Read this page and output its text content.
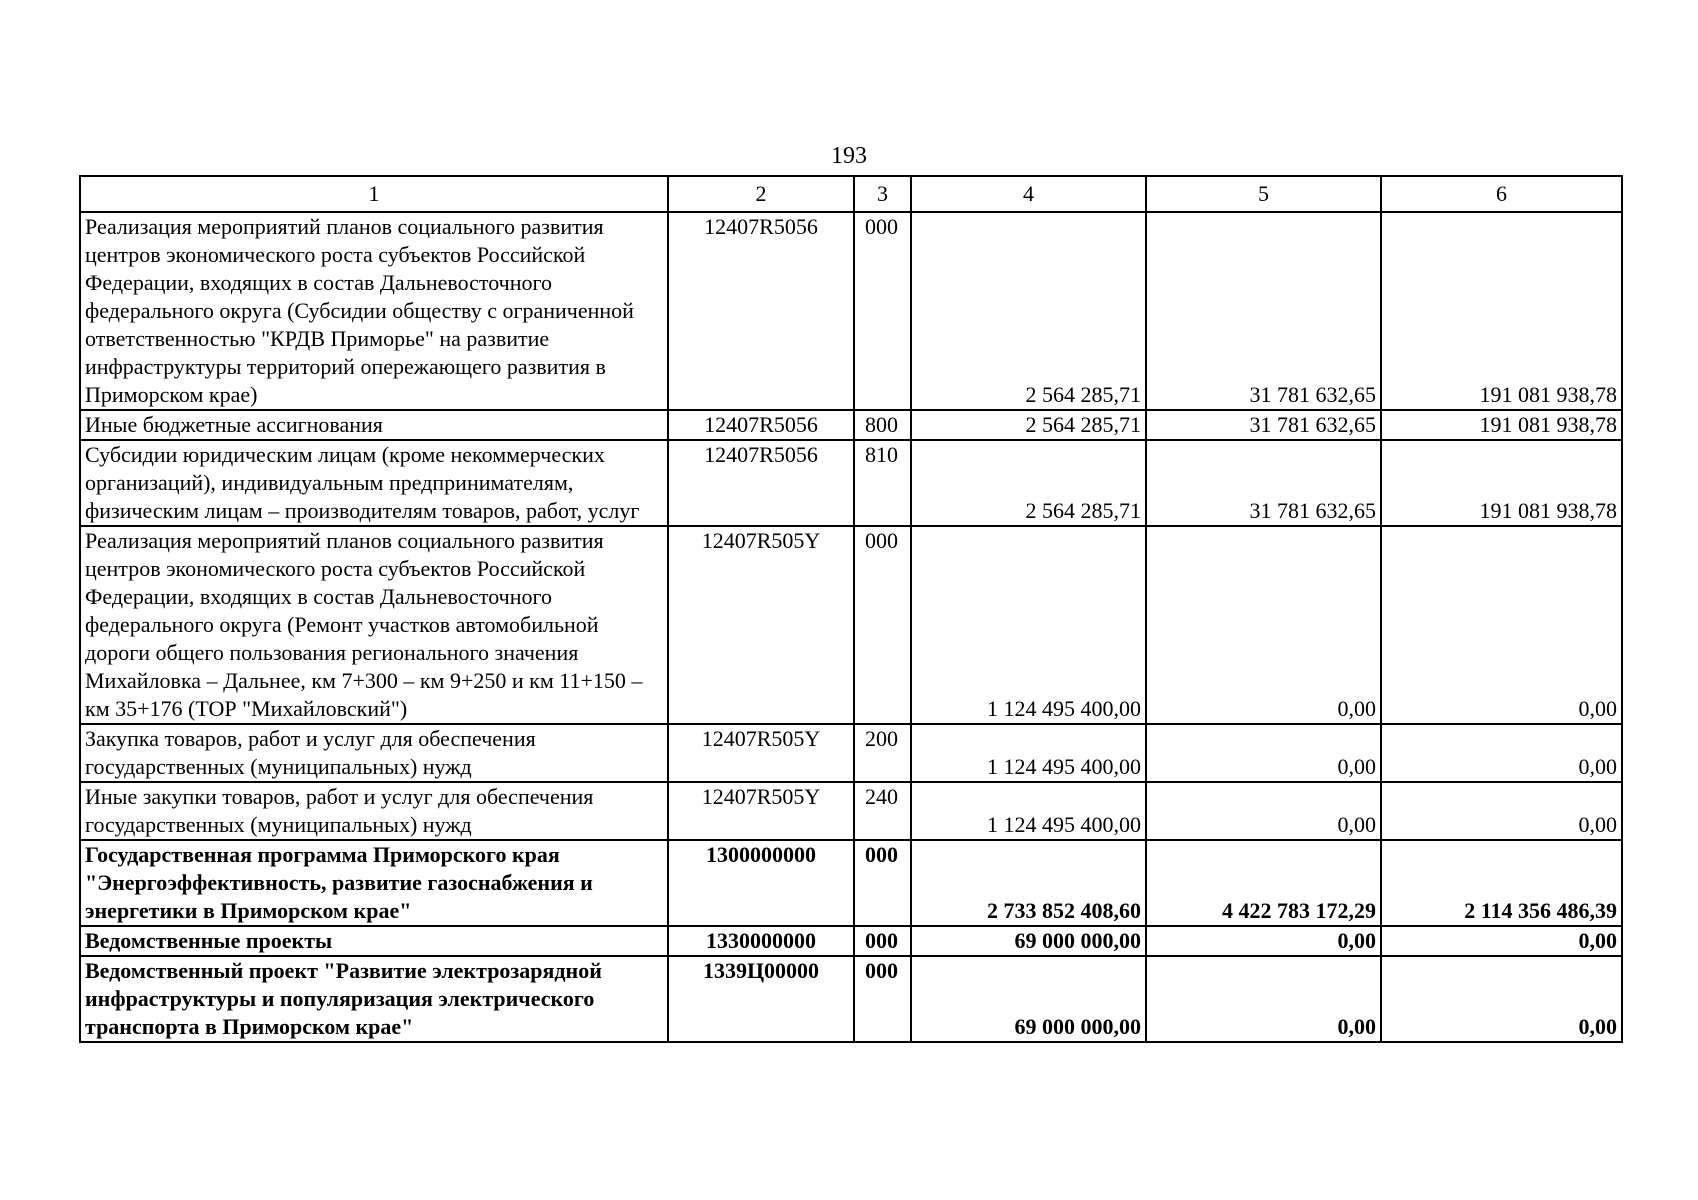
193
1	2	3	4	5	6
Реализация мероприятий планов социального развития центров экономического роста субъектов Российской Федерации, входящих в состав Дальневосточного федерального округа (Субсидии обществу с ограниченной ответственностью "КРДВ Приморье" на развитие инфраструктуры территорий опережающего развития в Приморском крае)	12407R5056	000	2 564 285,71	31 781 632,65	191 081 938,78
Иные бюджетные ассигнования	12407R5056	800	2 564 285,71	31 781 632,65	191 081 938,78
Субсидии юридическим лицам (кроме некоммерческих организаций), индивидуальным предпринимателям, физическим лицам – производителям товаров, работ, услуг	12407R5056	810	2 564 285,71	31 781 632,65	191 081 938,78
Реализация мероприятий планов социального развития центров экономического роста субъектов Российской Федерации, входящих в состав Дальневосточного федерального округа (Ремонт участков автомобильной дороги общего пользования регионального значения Михайловка – Дальнее, км 7+300 – км 9+250 и км 11+150 – км 35+176 (ТОР "Михайловский")	12407R505Y	000	1 124 495 400,00	0,00	0,00
Закупка товаров, работ и услуг для обеспечения государственных (муниципальных) нужд	12407R505Y	200	1 124 495 400,00	0,00	0,00
Иные закупки товаров, работ и услуг для обеспечения государственных (муниципальных) нужд	12407R505Y	240	1 124 495 400,00	0,00	0,00
Государственная программа Приморского края "Энергоэффективность, развитие газоснабжения и энергетики в Приморском крае"	1300000000	000	2 733 852 408,60	4 422 783 172,29	2 114 356 486,39
Ведомственные проекты	1330000000	000	69 000 000,00	0,00	0,00
Ведомственный проект "Развитие электрозарядной инфраструктуры и популяризация электрического транспорта в Приморском крае"	1339Ц00000	000	69 000 000,00	0,00	0,00
